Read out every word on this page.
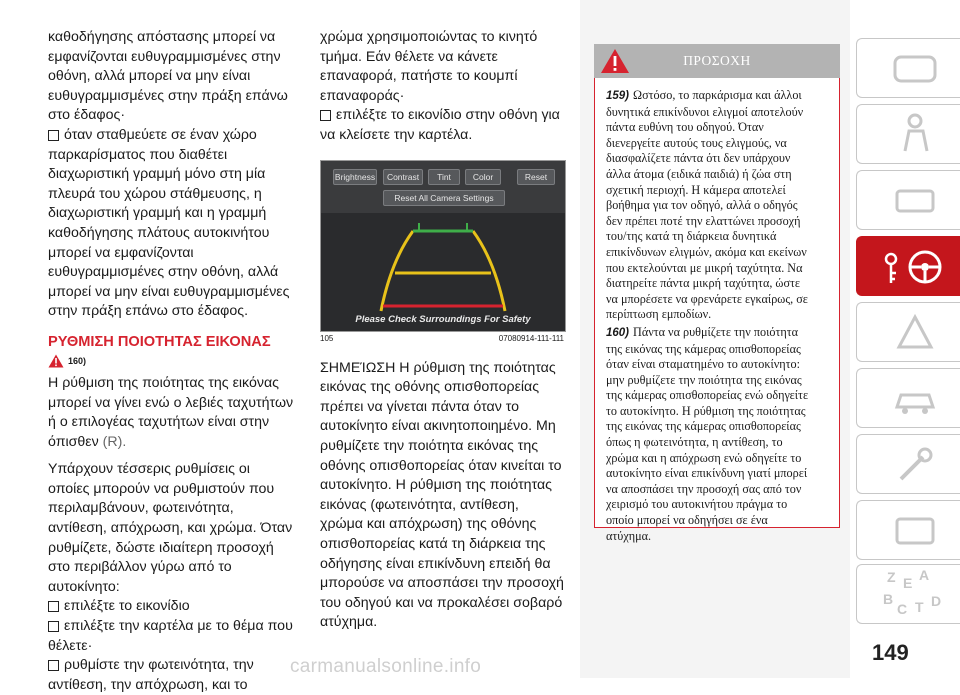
καθοδήγησης απόστασης μπορεί να
εμφανίζονται ευθυγραμμισμένες στην
οθόνη, αλλά μπορεί να μην είναι
ευθυγραμμισμένες στην πράξη επάνω
στο έδαφος·

όταν σταθμεύετε σε έναν χώρο

παρκαρίσματος που διαθέτει
διαχωριστική γραμμή μόνο στη μία
πλευρά του χώρου στάθμευσης, η
διαχωριστική γραμμή και η γραμμή
καθοδήγησης πλάτους αυτοκινήτου
μπορεί να εμφανίζονται
ευθυγραμμισμένες στην οθόνη, αλλά
μπορεί να μην είναι ευθυγραμμισμένες
στην πράξη επάνω στο έδαφος.

ΡΥΘΜΙΣΗ ΠΟΙΟΤΗΤΑΣ ΕΙΚΟΝΑΣ
160)

Η ρύθμιση της ποιότητας της εικόνας
μπορεί να γίνει ενώ ο λεβιές ταχυτήτων
ή ο επιλογέας ταχυτήτων είναι στην
όπισθεν (R).

Υπάρχουν τέσσερις ρυθμίσεις οι
οποίες μπορούν να ρυθμιστούν που
περιλαμβάνουν, φωτεινότητα,
αντίθεση, απόχρωση, και χρώμα. Όταν
ρυθμίζετε, δώστε ιδιαίτερη προσοχή
στο περιβάλλον γύρω από το
αυτοκίνητο:

επιλέξτε το εικονίδιο
επιλέξτε την καρτέλα με το θέμα που

θέλετε·

ρυθμίστε την φωτεινότητα, την

αντίθεση, την απόχρωση, και το

χρώμα χρησιμοποιώντας το κινητό
τμήμα. Εάν θέλετε να κάνετε
επαναφορά, πατήστε το κουμπί
επαναφοράς·

επιλέξτε το εικονίδιο στην οθόνη για

να κλείσετε την καρτέλα.

Brightness	Contrast	Tint	Color	Reset
Reset All Camera Settings
Please Check Surroundings For Safety
105	07080914-111-111

ΣΗΜΕΊΩΣΗ Η ρύθμιση της ποιότητας
εικόνας της οθόνης οπισθοπορείας
πρέπει να γίνεται πάντα όταν το
αυτοκίνητο είναι ακινητοποιημένο. Μη
ρυθμίζετε την ποιότητα εικόνας της
οθόνης οπισθοπορείας όταν κινείται το
αυτοκίνητο. Η ρύθμιση της ποιότητας
εικόνας (φωτεινότητα, αντίθεση,
χρώμα και απόχρωση) της οθόνης
οπισθοπορείας κατά τη διάρκεια της
οδήγησης είναι επικίνδυνη επειδή θα
μπορούσε να αποσπάσει την προσοχή
του οδηγού και να προκαλέσει σοβαρό
ατύχημα.

ΠΡΟΣΟΧΗ
159) Ωστόσο, το παρκάρισμα και άλλοι
δυνητικά επικίνδυνοι ελιγμοί αποτελούν
πάντα ευθύνη του οδηγού. Όταν
διενεργείτε αυτούς τους ελιγμούς, να
διασφαλίζετε πάντα ότι δεν υπάρχουν
άλλα άτομα (ειδικά παιδιά) ή ζώα στη
σχετική περιοχή. Η κάμερα αποτελεί
βοήθημα για τον οδηγό, αλλά ο οδηγός
δεν πρέπει ποτέ την ελαττώνει προσοχή
του/της κατά τη διάρκεια δυνητικά
επικίνδυνων ελιγμών, ακόμα και εκείνων
που εκτελούνται με μικρή ταχύτητα. Να
διατηρείτε πάντα μικρή ταχύτητα, ώστε
να μπορέσετε να φρενάρετε εγκαίρως, σε
περίπτωση εμποδίων.
160) Πάντα να ρυθμίζετε την ποιότητα
της εικόνας της κάμερας οπισθοπορείας
όταν είναι σταματημένο το αυτοκίνητο:
μην ρυθμίζετε την ποιότητα της εικόνας
της κάμερας οπισθοπορείας ενώ οδηγείτε
το αυτοκίνητο. Η ρύθμιση της ποιότητας
της εικόνας της κάμερας οπισθοπορείας
όπως η φωτεινότητα, η αντίθεση, το
χρώμα και η απόχρωση ενώ οδηγείτε το
αυτοκίνητο είναι επικίνδυνη γιατί μπορεί
να αποσπάσει την προσοχή σας από τον
χειρισμό του αυτοκινήτου πράγμα το
οποίο μπορεί να οδηγήσει σε ένα
ατύχημα.
Z E A
B
C T D
149
carmanualsonline.info
